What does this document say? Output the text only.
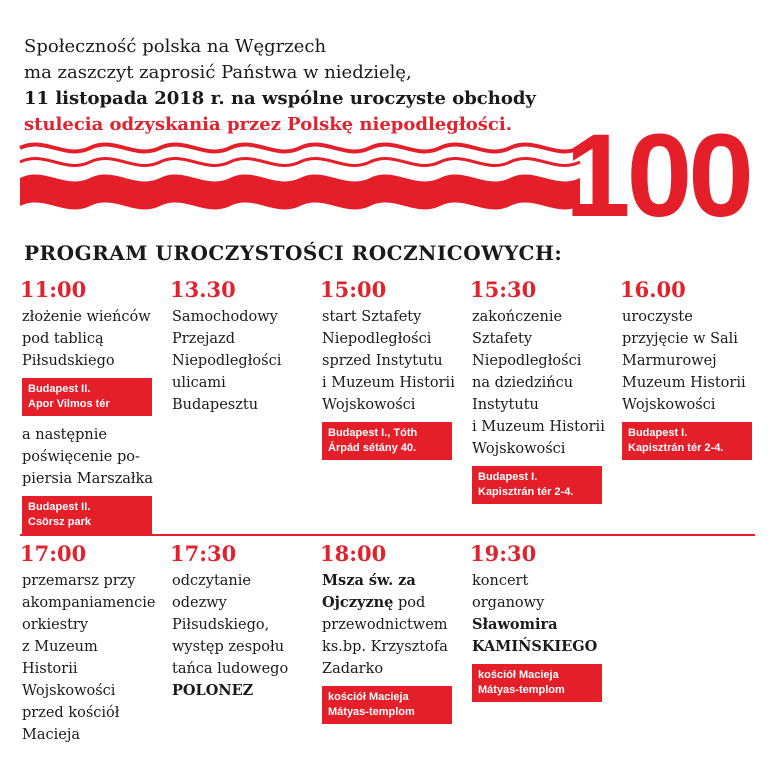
Społeczność polska na Węgrzech
ma zaszczyt zaprosić Państwa w niedzielę,
11 listopada 2018 r. na wspólne uroczyste obchody
stulecia odzyskania przez Polskę niepodległości. 100
PROGRAM UROCZYSTOŚCI ROCZNICOWYCH:
11:00
złożenie wieńców
pod tablicą
Piłsudskiego
Budapest II.
Apor Vilmos tér
a następnie
poświęcenie po-
piersia Marszałka
Budapest II.
Csörsz park
13.30
Samochodowy
Przejazd
Niepodległości
ulicami
Budapesztu
15:00
start Sztafety
Niepodległości
sprzed Instytutu
i Muzeum Historii
Wojskowości
Budapest I., Tóth
Árpád sétány 40.
15:30
zakończenie
Sztafety
Niepodległości
na dziedzińcu
Instytutu
i Muzeum Historii
Wojskowości
Budapest I.
Kapisztrán tér 2-4.
16.00
uroczyste
przyjęcie w Sali
Marmurowej
Muzeum Historii
Wojskowości
Budapest I.
Kapisztrán tér 2-4.
17:00
przemarsz przy
akompaniamencie
orkiestry
z Muzeum
Historii
Wojskowości
przed kościół
Macieja
17:30
odczytanie
odezwy
Piłsudskiego,
występ zespołu
tańca ludowego
POLONEZ
18:00
Msza św. za
Ojczyznę pod
przewodnictwem
ks.bp. Krzysztofa
Zadarko
kościół Macieja
Mátyas-templom
19:30
koncert
organowy
Sławomira
KAMIŃSKIEGO
kościół Macieja
Mátyas-templom
